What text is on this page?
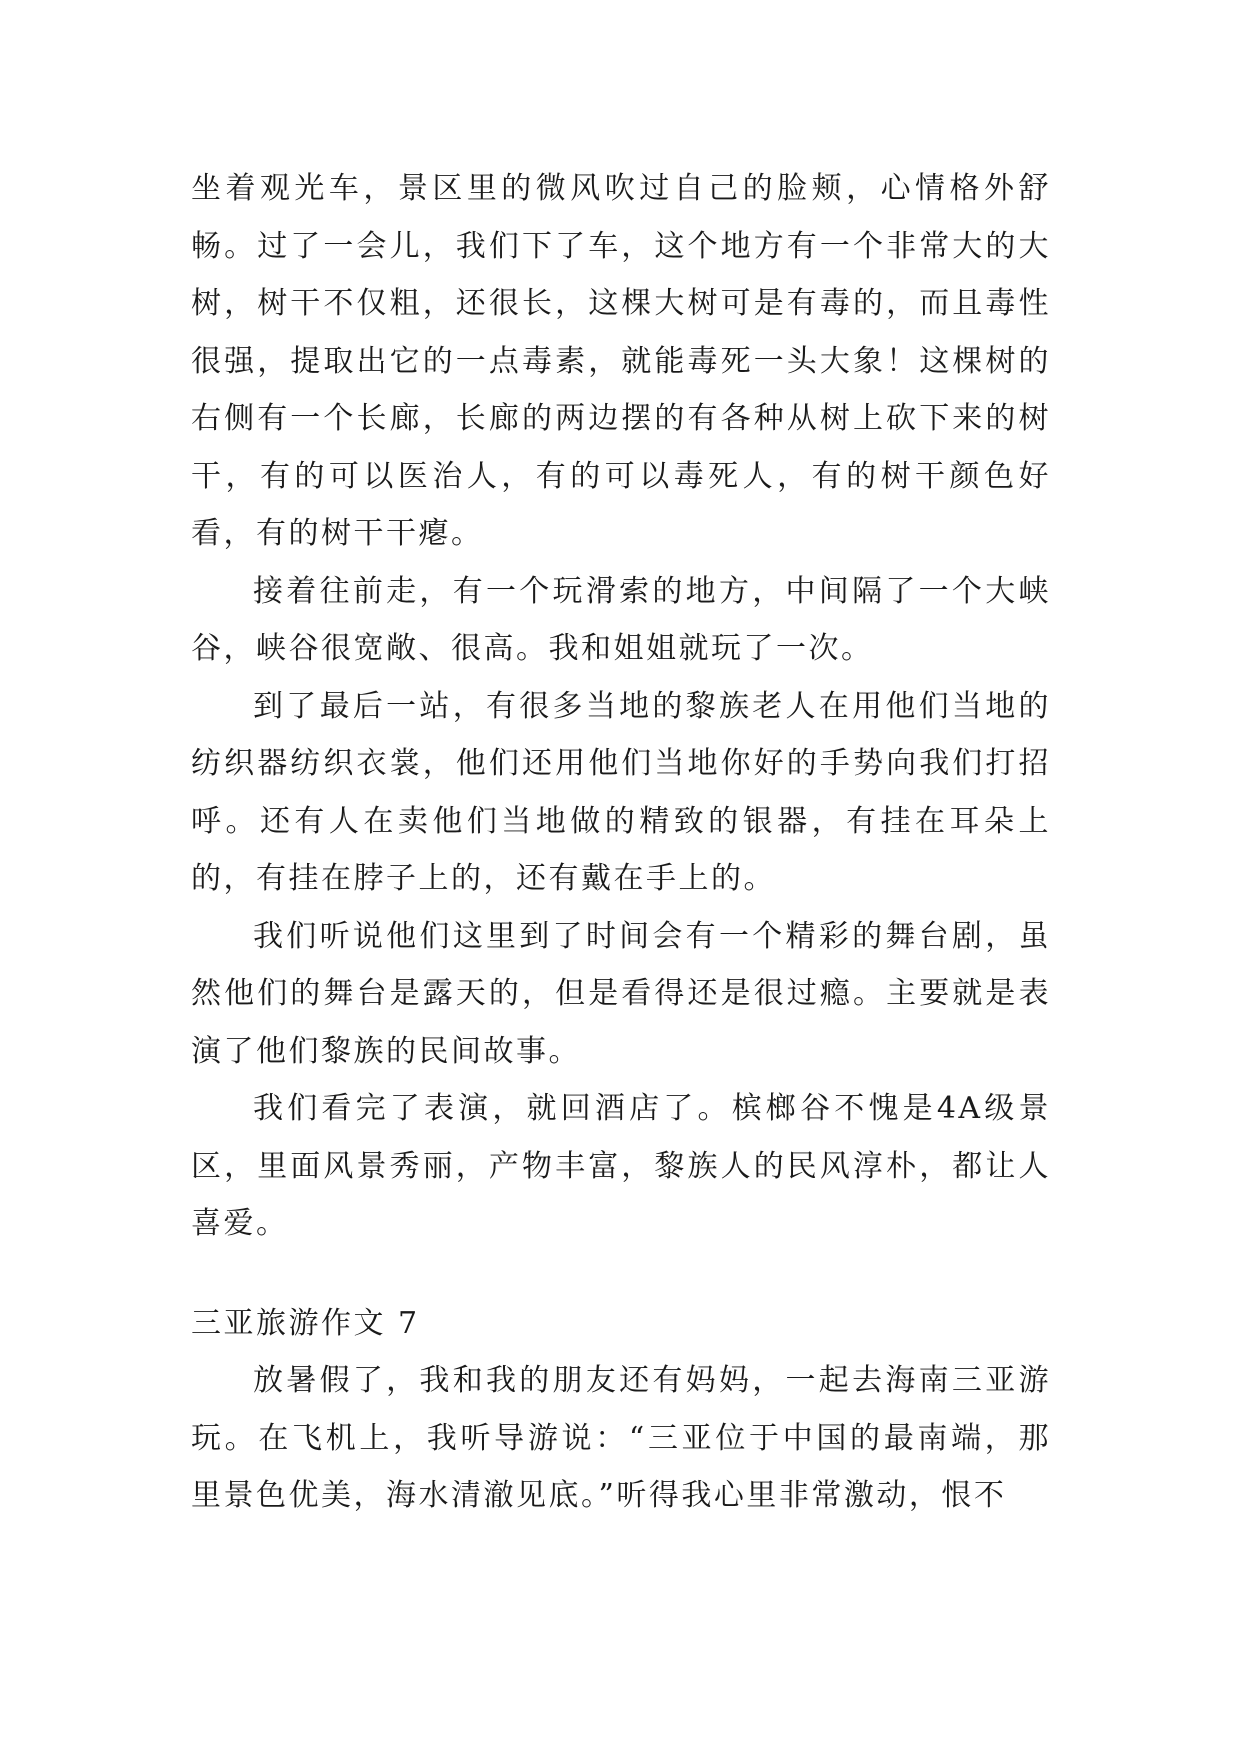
坐着观光车，景区里的微风吹过自己的脸颊，心情格外舒畅。过了一会儿，我们下了车，这个地方有一个非常大的大树，树干不仅粗，还很长，这棵大树可是有毒的，而且毒性很强，提取出它的一点毒素，就能毒死一头大象！这棵树的右侧有一个长廊，长廊的两边摆的有各种从树上砍下来的树干，有的可以医治人，有的可以毒死人，有的树干颜色好看，有的树干干瘪。

接着往前走，有一个玩滑索的地方，中间隔了一个大峡谷，峡谷很宽敞、很高。我和姐姐就玩了一次。

到了最后一站，有很多当地的黎族老人在用他们当地的纺织器纺织衣裳，他们还用他们当地你好的手势向我们打招呼。还有人在卖他们当地做的精致的银器，有挂在耳朵上的，有挂在脖子上的，还有戴在手上的。

我们听说他们这里到了时间会有一个精彩的舞台剧，虽然他们的舞台是露天的，但是看得还是很过瘾。主要就是表演了他们黎族的民间故事。

我们看完了表演，就回酒店了。槟榔谷不愧是4A级景区，里面风景秀丽，产物丰富，黎族人的民风淳朴，都让人喜爱。

三亚旅游作文 7

放暑假了，我和我的朋友还有妈妈，一起去海南三亚游玩。在飞机上，我听导游说：“三亚位于中国的最南端，那里景色优美，海水清澈见底。”听得我心里非常激动，恨不
